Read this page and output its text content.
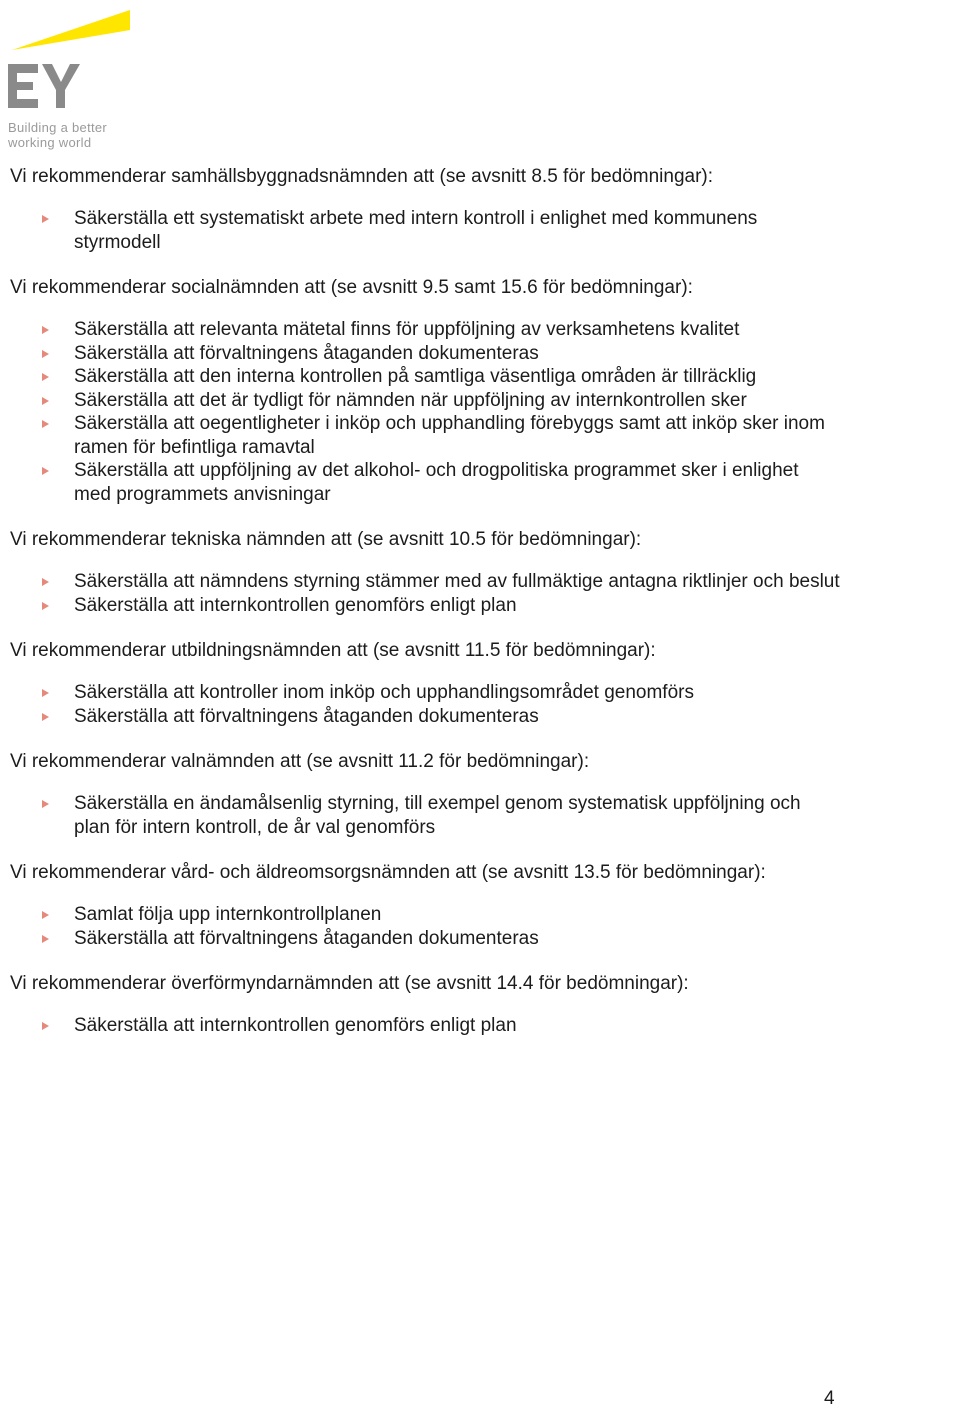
Building a better
working world

Vi rekommenderar samhällsbyggnadsnämnden att (se avsnitt 8.5 för bedömningar):

Säkerställa ett systematiskt arbete med intern kontroll i enlighet med kommunens styrmodell

Vi rekommenderar socialnämnden att (se avsnitt 9.5 samt 15.6 för bedömningar):

Säkerställa att relevanta mätetal finns för uppföljning av verksamhetens kvalitet
Säkerställa att förvaltningens åtaganden dokumenteras
Säkerställa att den interna kontrollen på samtliga väsentliga områden är tillräcklig
Säkerställa att det är tydligt för nämnden när uppföljning av internkontrollen sker
Säkerställa att oegentligheter i inköp och upphandling förebyggs samt att inköp sker inom ramen för befintliga ramavtal
Säkerställa att uppföljning av det alkohol- och drogpolitiska programmet sker i enlighet med programmets anvisningar

Vi rekommenderar tekniska nämnden att (se avsnitt 10.5 för bedömningar):

Säkerställa att nämndens styrning stämmer med av fullmäktige antagna riktlinjer och beslut
Säkerställa att internkontrollen genomförs enligt plan

Vi rekommenderar utbildningsnämnden att (se avsnitt 11.5 för bedömningar):

Säkerställa att kontroller inom inköp och upphandlingsområdet genomförs
Säkerställa att förvaltningens åtaganden dokumenteras

Vi rekommenderar valnämnden att (se avsnitt 11.2 för bedömningar):

Säkerställa en ändamålsenlig styrning, till exempel genom systematisk uppföljning och plan för intern kontroll, de år val genomförs

Vi rekommenderar vård- och äldreomsorgsnämnden att (se avsnitt 13.5 för bedömningar):

Samlat följa upp internkontrollplanen
Säkerställa att förvaltningens åtaganden dokumenteras

Vi rekommenderar överförmyndarnämnden att (se avsnitt 14.4 för bedömningar):

Säkerställa att internkontrollen genomförs enligt plan
4
